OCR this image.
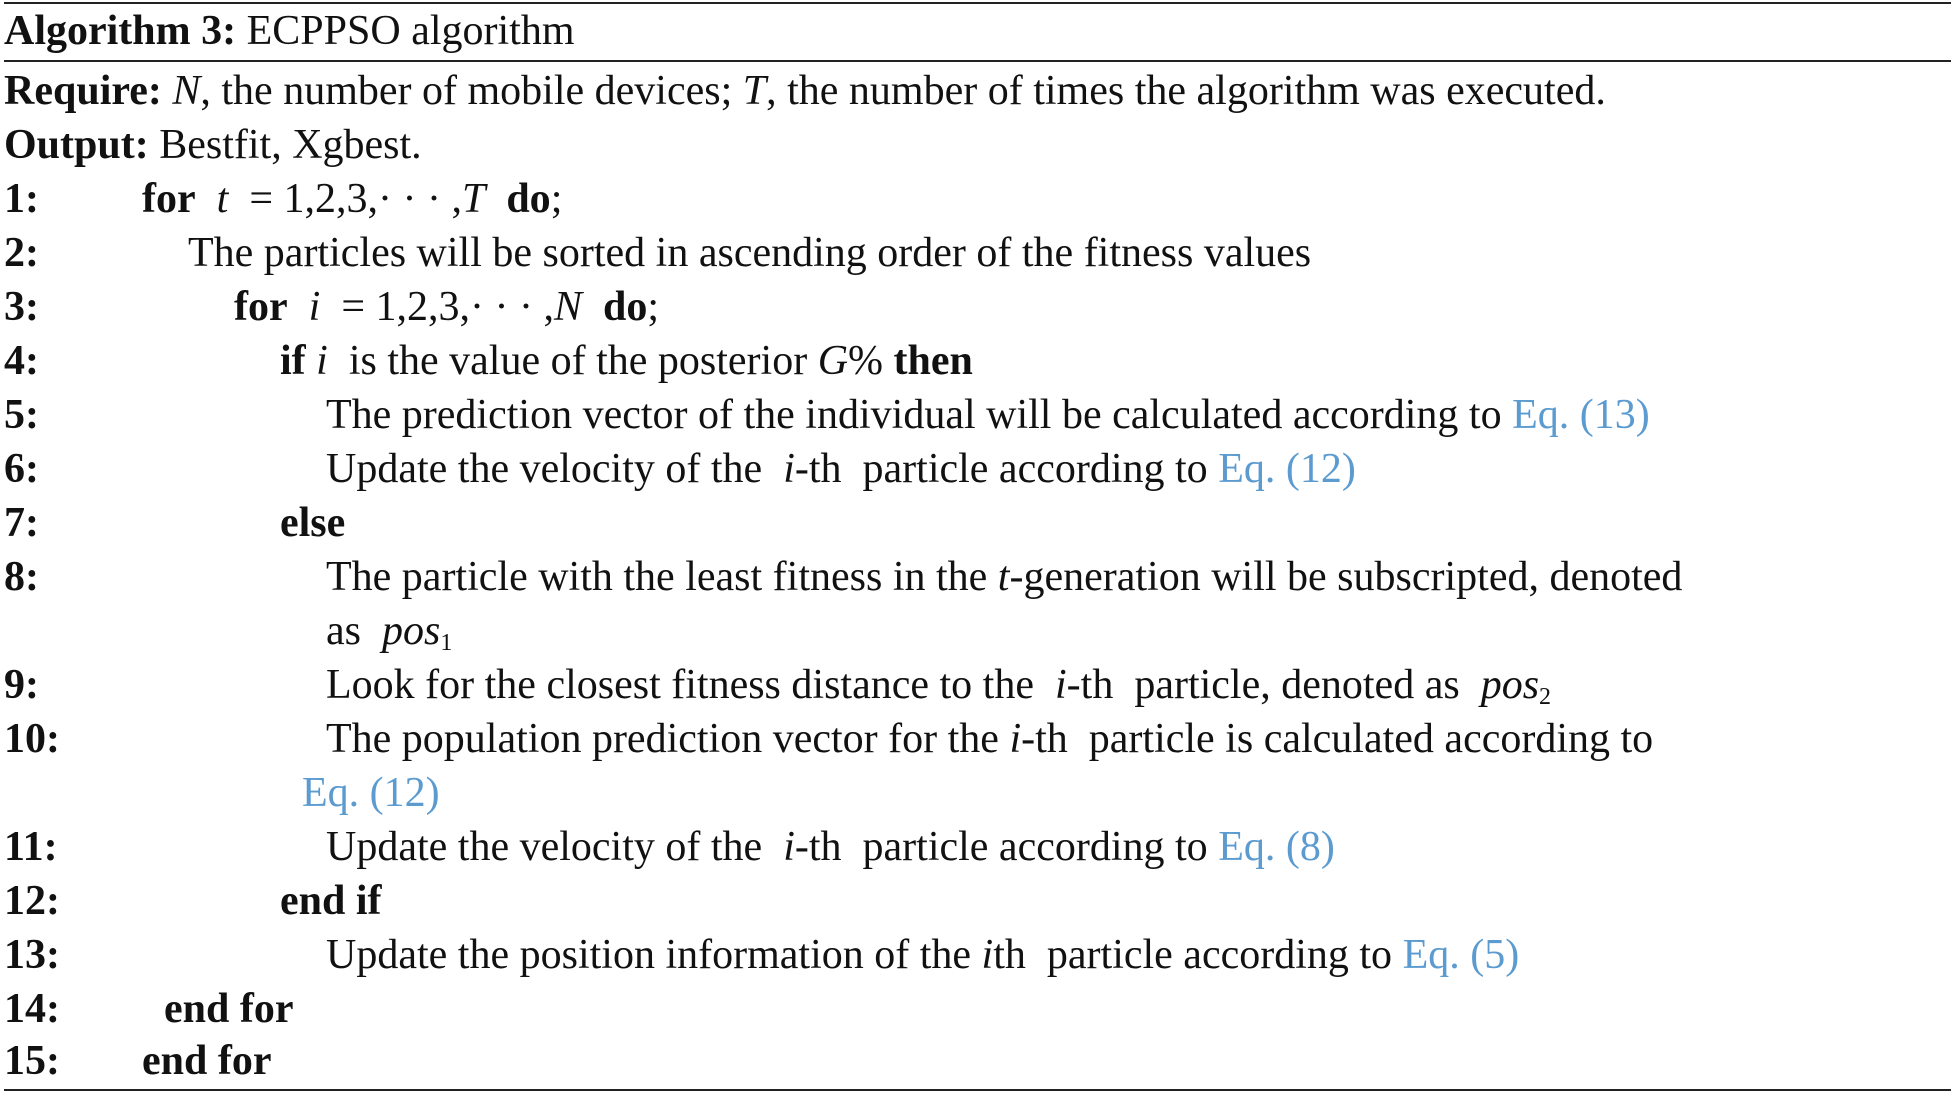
Algorithm 3: ECPPSO algorithm
Require: N, the number of mobile devices; T, the number of times the algorithm was executed.
Output: Bestfit, Xgbest.
1: for t = 1,2,3,· · · ,T do;
2:	The particles will be sorted in ascending order of the fitness values
3:	for i = 1,2,3,· · · ,N do;
4:	if i is the value of the posterior G% then
5:	The prediction vector of the individual will be calculated according to Eq. (13)
6:	Update the velocity of the i-th particle according to Eq. (12)
7:	else
8:	The particle with the least fitness in the t-generation will be subscripted, denoted
as pos$_1$
9:	Look for the closest fitness distance to the i-th particle, denoted as pos$_2$
10:	The population prediction vector for the i-th particle is calculated according to
Eq. (12)
11:	Update the velocity of the i-th particle according to Eq. (8)
12:	end if
13:	Update the position information of the ith particle according to Eq. (5)
14: end for
15: end for
